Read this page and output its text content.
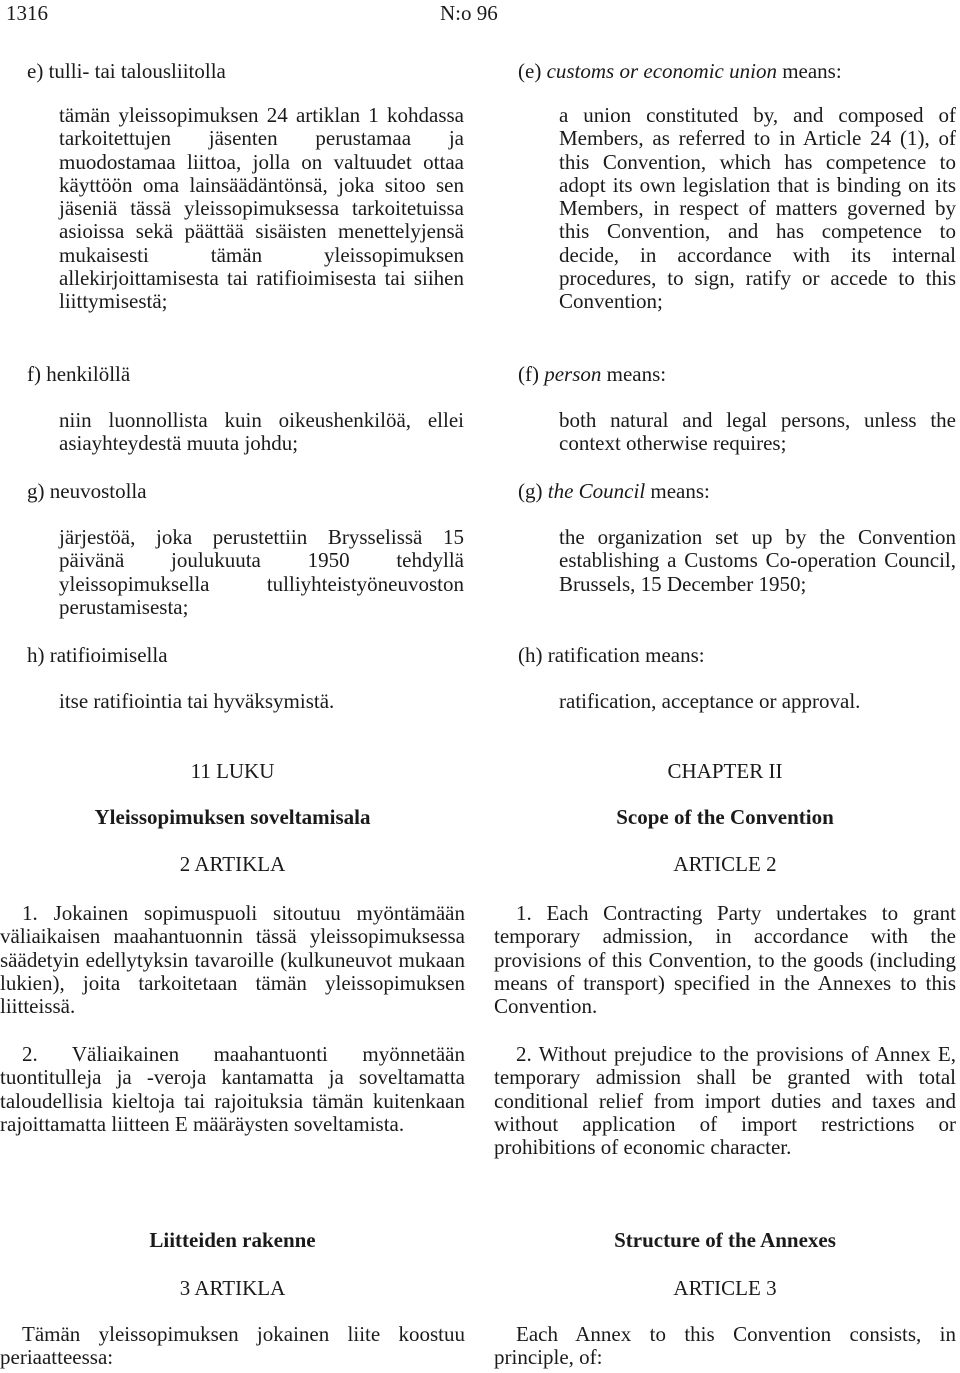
1316	N:o 96
e) tulli- tai talousliitolla
tämän yleissopimuksen 24 artiklan 1 kohdassa tarkoitettujen jäsenten perustamaa ja muodostamaa liittoa, jolla on valtuudet ottaa käyttöön oma lainsäädäntönsä, joka sitoo sen jäseniä tässä yleissopimuksessa tarkoitetuissa asioissa sekä päättää sisäisten menettelyjensä mukaisesti tämän yleissopimuksen allekirjoittamisesta tai ratifioimisesta tai siihen liittymisestä;
f) henkilöllä
niin luonnollista kuin oikeushenkilöä, ellei asiayhteydestä muuta johdu;
g) neuvostolla
järjestöä, joka perustettiin Brysselissä 15 päivänä joulukuuta 1950 tehdyllä yleissopimuksella tulliyhteistyöneuvoston perustamisesta;
h) ratifioimisella
itse ratifiointia tai hyväksymistä.
11 LUKU
Yleissopimuksen soveltamisala
2 ARTIKLA
1. Jokainen sopimuspuoli sitoutuu myöntämään väliaikaisen maahantuonnin tässä yleissopimuksessa säädetyin edellytyksin tavaroille (kulkuneuvot mukaan lukien), joita tarkoitetaan tämän yleissopimuksen liitteissä.
2. Väliaikainen maahantuonti myönnetään tuontitulleja ja -veroja kantamatta ja soveltamatta taloudellisia kieltoja tai rajoituksia tämän kuitenkaan rajoittamatta liitteen E määräysten soveltamista.
Liitteiden rakenne
3 ARTIKLA
Tämän yleissopimuksen jokainen liite koostuu periaatteessa:
(e) customs or economic union means:
a union constituted by, and composed of Members, as referred to in Article 24 (1), of this Convention, which has competence to adopt its own legislation that is binding on its Members, in respect of matters governed by this Convention, and has competence to decide, in accordance with its internal procedures, to sign, ratify or accede to this Convention;
(f) person means:
both natural and legal persons, unless the context otherwise requires;
(g) the Council means:
the organization set up by the Convention establishing a Customs Co-operation Council, Brussels, 15 December 1950;
(h) ratification means:
ratification, acceptance or approval.
CHAPTER II
Scope of the Convention
ARTICLE 2
1. Each Contracting Party undertakes to grant temporary admission, in accordance with the provisions of this Convention, to the goods (including means of transport) specified in the Annexes to this Convention.
2. Without prejudice to the provisions of Annex E, temporary admission shall be granted with total conditional relief from import duties and taxes and without application of import restrictions or prohibitions of economic character.
Structure of the Annexes
ARTICLE 3
Each Annex to this Convention consists, in principle, of:
